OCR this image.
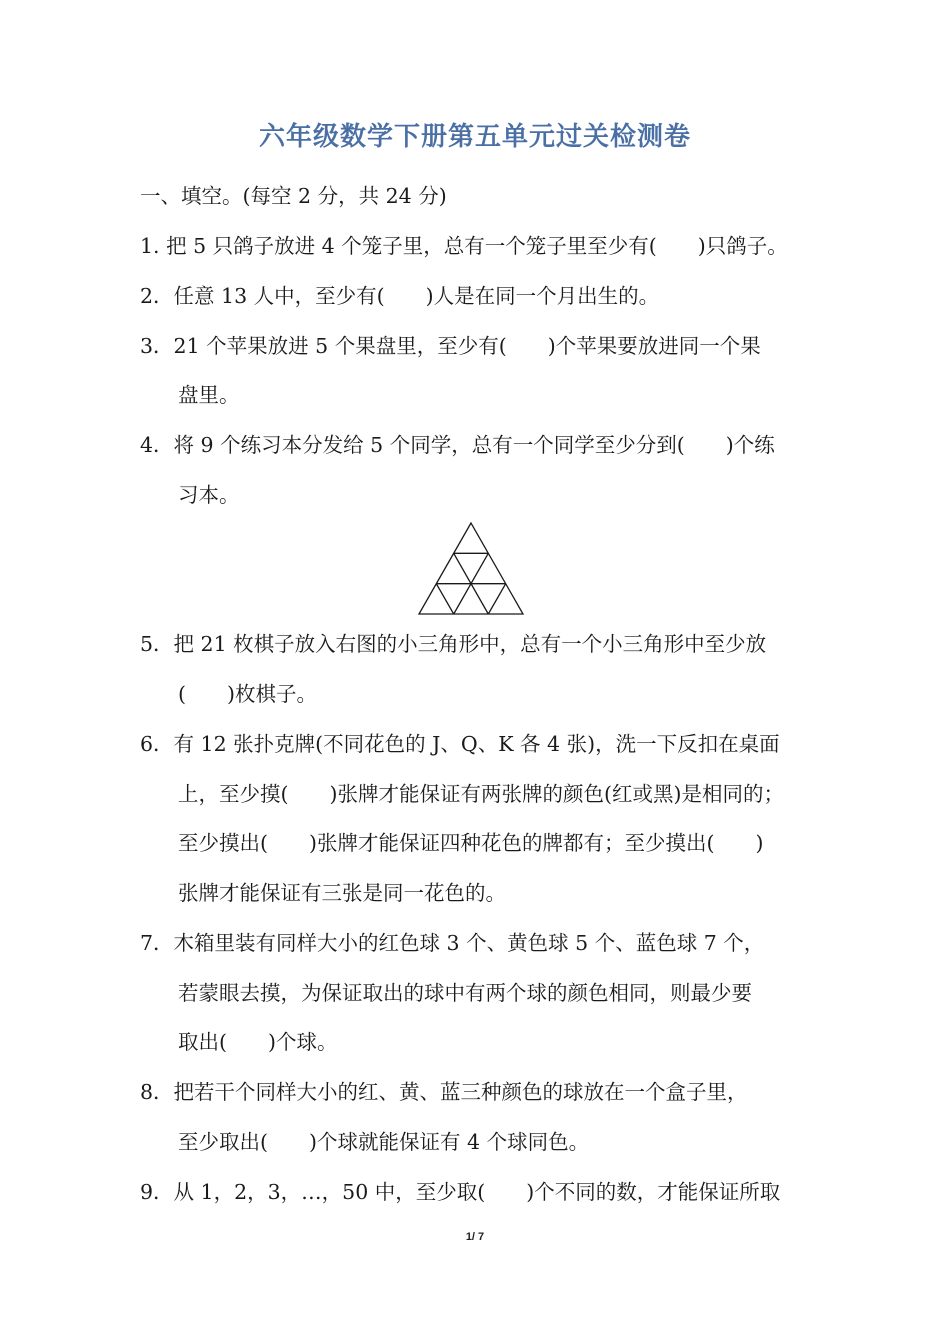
六年级数学下册第五单元过关检测卷
一、填空。(每空 2 分，共 24 分)
1. 把 5 只鸽子放进 4 个笼子里，总有一个笼子里至少有(　　)只鸽子。
2．任意 13 人中，至少有(　　)人是在同一个月出生的。
3．21 个苹果放进 5 个果盘里，至少有(　　)个苹果要放进同一个果
盘里。
4．将 9 个练习本分发给 5 个同学，总有一个同学至少分到(　　)个练
习本。
5．把 21 枚棋子放入右图的小三角形中，总有一个小三角形中至少放
(　　)枚棋子。
6．有 12 张扑克牌(不同花色的 J、Q、K 各 4 张)，洗一下反扣在桌面
上，至少摸(　　)张牌才能保证有两张牌的颜色(红或黑)是相同的；
至少摸出(　　)张牌才能保证四种花色的牌都有；至少摸出(　　)
张牌才能保证有三张是同一花色的。
7．木箱里装有同样大小的红色球 3 个、黄色球 5 个、蓝色球 7 个，
若蒙眼去摸，为保证取出的球中有两个球的颜色相同，则最少要
取出(　　)个球。
8．把若干个同样大小的红、黄、蓝三种颜色的球放在一个盒子里，
至少取出(　　)个球就能保证有 4 个球同色。
9．从 1，2，3，…，50 中，至少取(　　)个不同的数，才能保证所取
1/ 7
